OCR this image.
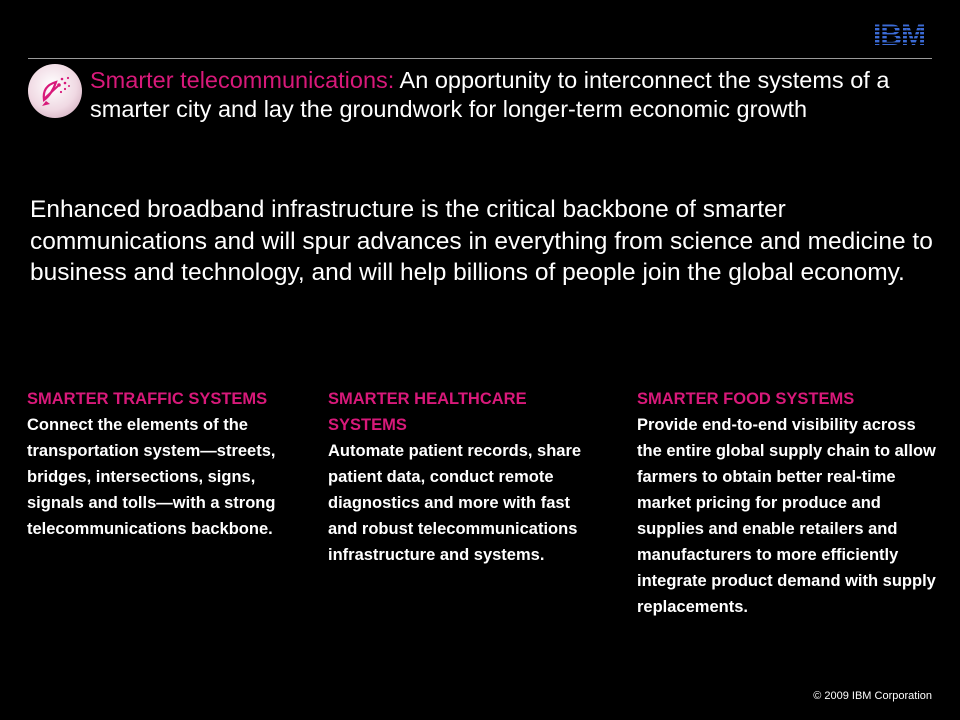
IBM
Smarter telecommunications: An opportunity to interconnect the systems of a smarter city and lay the groundwork for longer-term economic growth

Enhanced broadband infrastructure is the critical backbone of smarter communications and will spur advances in everything from science and medicine to business and technology, and will help billions of people join the global economy.

SMARTER TRAFFIC SYSTEMS
Connect the elements of the transportation system—streets, bridges, intersections, signs, signals and tolls—with a strong telecommunications backbone.
SMARTER HEALTHCARE SYSTEMS
Automate patient records, share patient data, conduct remote diagnostics and more with fast and robust telecommunications infrastructure and systems.
SMARTER FOOD SYSTEMS
Provide end-to-end visibility across the entire global supply chain to allow farmers to obtain better real-time market pricing for produce and supplies and enable retailers and manufacturers to more efficiently integrate product demand with supply replacements.
© 2009 IBM Corporation
